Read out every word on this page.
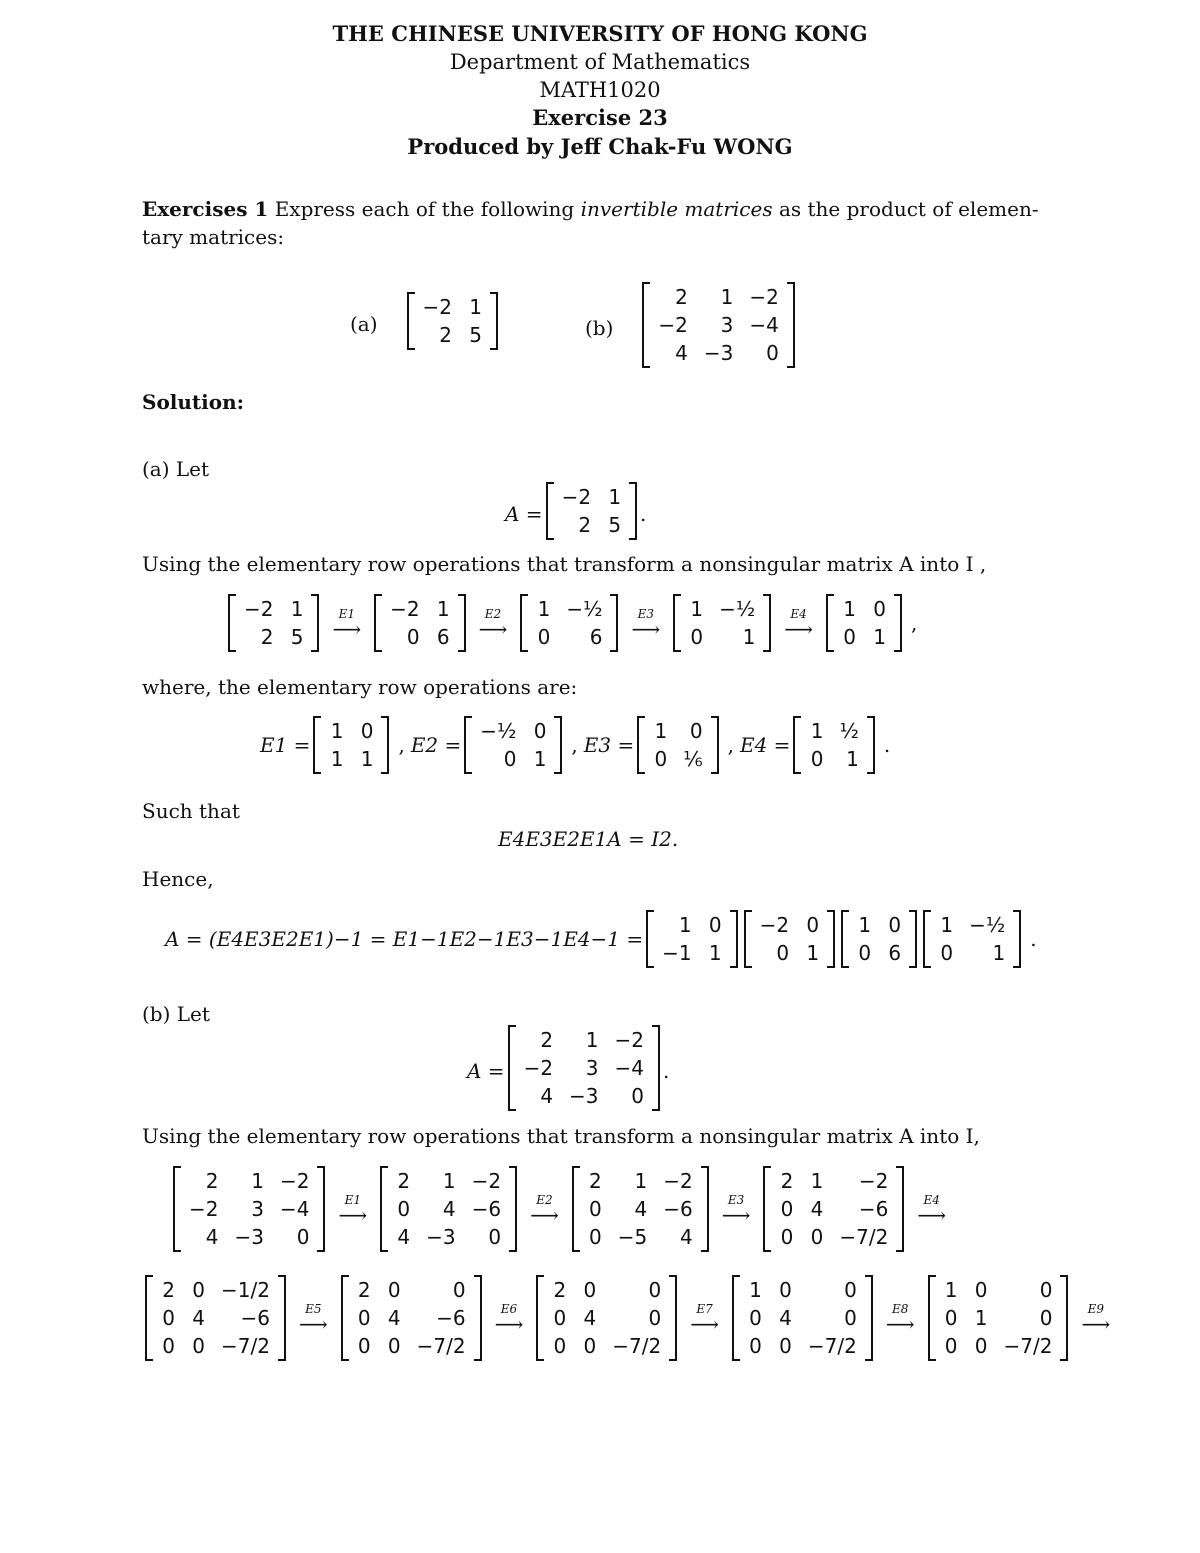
THE CHINESE UNIVERSITY OF HONG KONG
Department of Mathematics
MATH1020
Exercise 23
Produced by Jeff Chak-Fu WONG
Exercises 1 Express each of the following invertible matrices as the product of elemen-
tary matrices:
(a)
−2 1
2 5	(b)
2	1 −2
−2	3 −4
4 −3	0
Solution:
(a) Let
A =
−2 1
2 5 .
Using the elementary row operations that transform a nonsingular matrix A into I ,
−2 1
2 5
E1
⟶
−2 1
0 6
E2
⟶
1 −½
0	6
E3
⟶
1 −½
0	1
E4
⟶
1 0
0 1
,
where, the elementary row operations are:
E1 =
1 0
1 1
, E2 =
−½ 0
0 1
, E3 =
1	0
0 ⅙
, E4 =
1 ½
0	1
.
Such that
E4E3E2E1A = I2.
Hence,
A = (E4E3E2E1)−1 = E1−1E2−1E3−1E4−1 =
1 0
−1 1
−2 0
0 1
1 0
0 6
1 −½
0	1
.
(b) Let
A =
2	1 −2
−2	3 −4
4 −3	0
.
Using the elementary row operations that transform a nonsingular matrix A into I,
2	1 −2
−2	3 −4
4 −3	0
E1
⟶
2	1 −2
0	4 −6
4 −3	0
E2
⟶
2	1 −2
0	4 −6
0 −5	4
E3
⟶
2 1	−2
0 4	−6
0 0 −7/2
E4
⟶
2 0 −1/2
0 4	−6
0 0 −7/2
E5
⟶
2 0	0
0 4	−6
0 0 −7/2
E6
⟶
2 0	0
0 4	0
0 0 −7/2
E7
⟶
1 0	0
0 4	0
0 0 −7/2
E8
⟶
1 0	0
0 1	0
0 0 −7/2
E9
⟶
